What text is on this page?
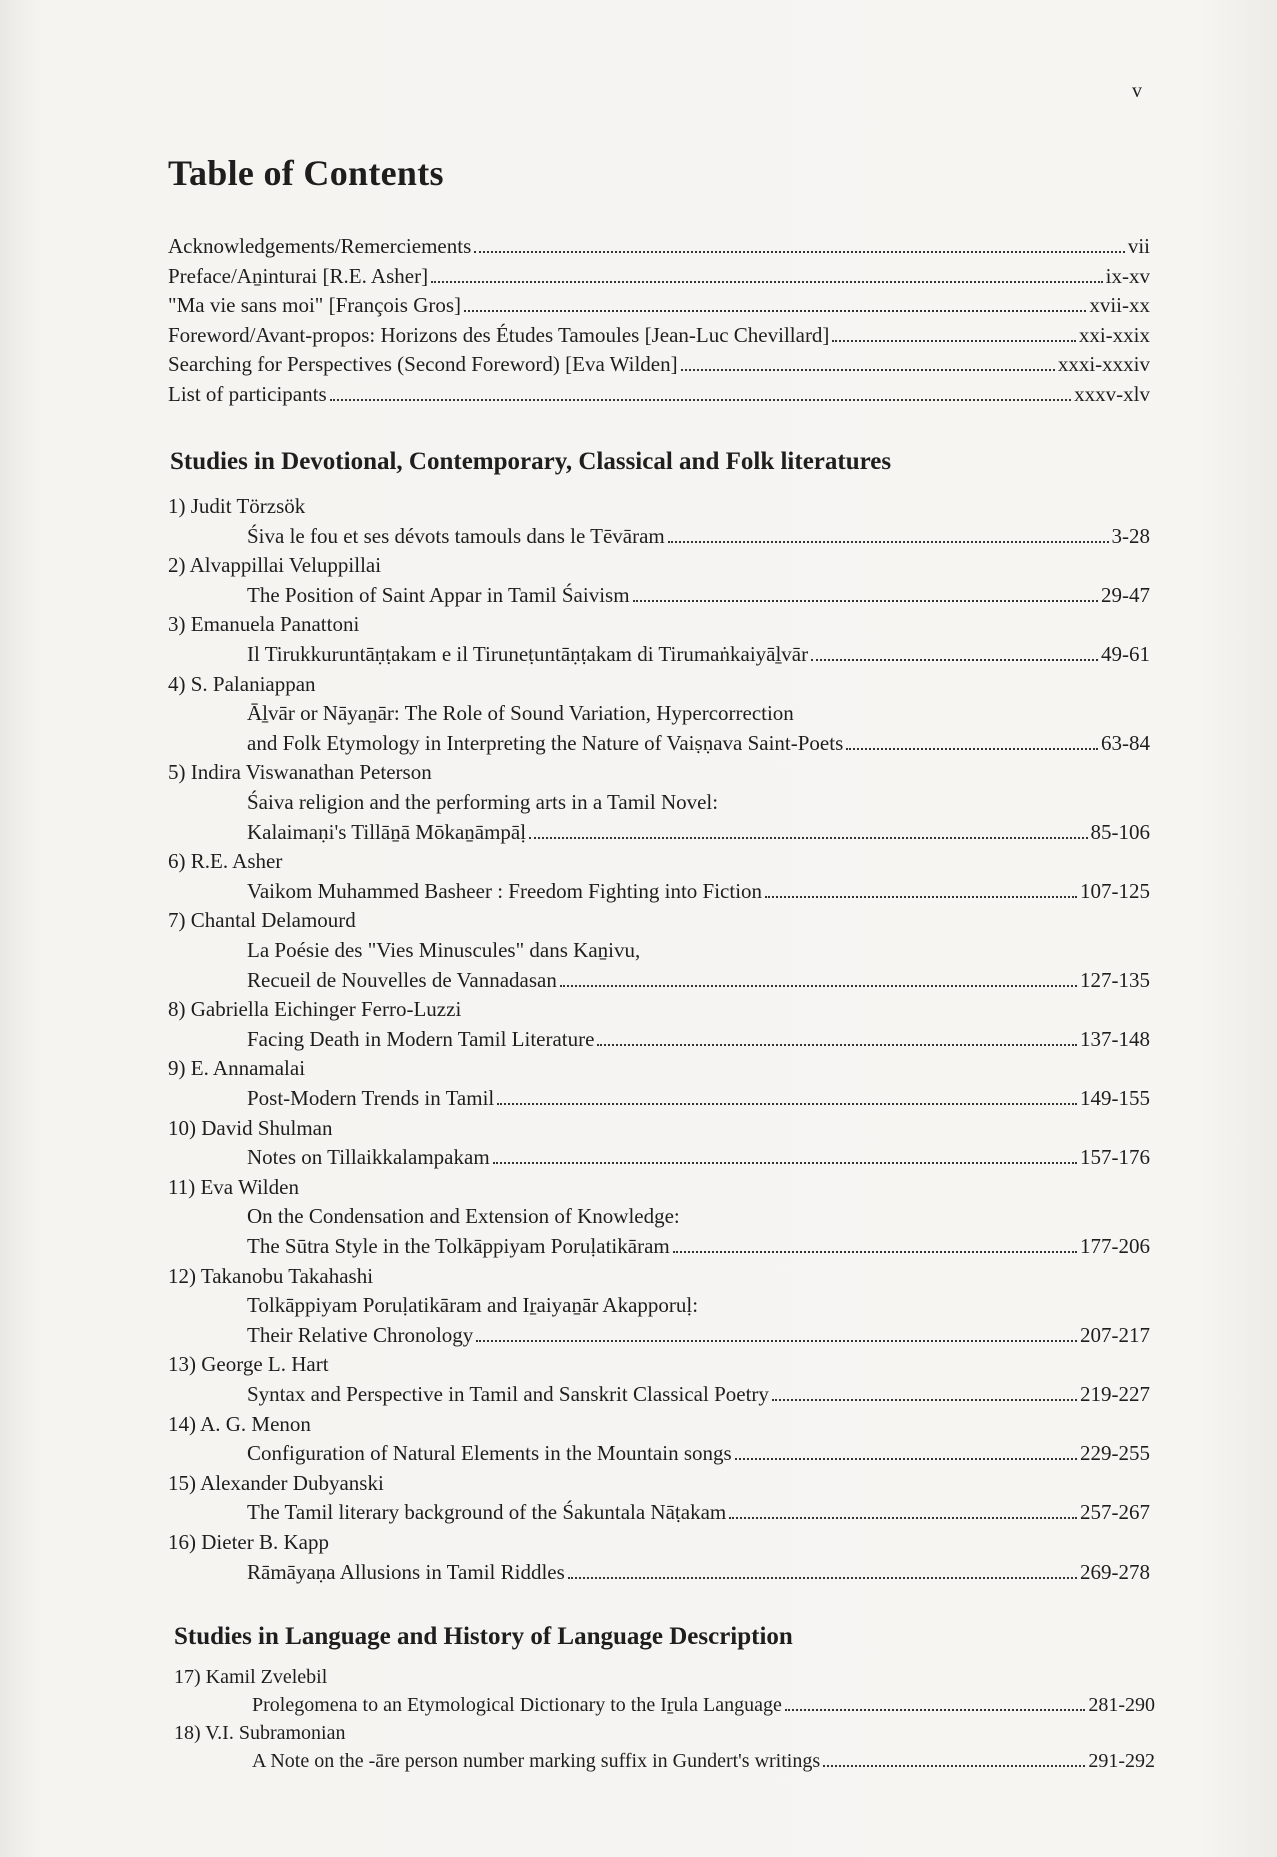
v
Table of Contents
Acknowledgements/Remerciements	vii
Preface/Aṉinturai [R.E. Asher]	ix-xv
"Ma vie sans moi" [François Gros]	xvii-xx
Foreword/Avant-propos: Horizons des Études Tamoules [Jean-Luc Chevillard]	xxi-xxix
Searching for Perspectives (Second Foreword) [Eva Wilden]	xxxi-xxxiv
List of participants	xxxv-xlv
Studies in Devotional, Contemporary, Classical and Folk literatures
1) Judit Törzsök
Śiva le fou et ses dévots tamouls dans le Tēvāram	3-28
2) Alvappillai Veluppillai
The Position of Saint Appar in Tamil Śaivism	29-47
3) Emanuela Panattoni
Il Tirukkuruntāṇṭakam e il Tiruneṭuntāṇṭakam di Tirumaṅkaiyāḻvār	49-61
4) S. Palaniappan
Āḻvār or Nāyaṉār: The Role of Sound Variation, Hypercorrection
and Folk Etymology in Interpreting the Nature of Vaiṣṇava Saint-Poets	63-84
5) Indira Viswanathan Peterson
Śaiva religion and the performing arts in a Tamil Novel:
Kalaimaṇi's Tillāṉā Mōkaṉāmpāḷ	85-106
6) R.E. Asher
Vaikom Muhammed Basheer : Freedom Fighting into Fiction	107-125
7) Chantal Delamourd
La Poésie des "Vies Minuscules" dans Kaṉivu,
Recueil de Nouvelles de Vannadasan	127-135
8) Gabriella Eichinger Ferro-Luzzi
Facing Death in Modern Tamil Literature	137-148
9) E. Annamalai
Post-Modern Trends in Tamil	149-155
10) David Shulman
Notes on Tillaikkalampakam	157-176
11) Eva Wilden
On the Condensation and Extension of Knowledge:
The Sūtra Style in the Tolkāppiyam Poruḷatikāram	177-206
12) Takanobu Takahashi
Tolkāppiyam Poruḷatikāram and Iṟaiyaṉār Akapporuḷ:
Their Relative Chronology	207-217
13) George L. Hart
Syntax and Perspective in Tamil and Sanskrit Classical Poetry	219-227
14) A. G. Menon
Configuration of Natural Elements in the Mountain songs	229-255
15) Alexander Dubyanski
The Tamil literary background of the Śakuntala Nāṭakam	257-267
16) Dieter B. Kapp
Rāmāyaṇa Allusions in Tamil Riddles	269-278
Studies in Language and History of Language Description
17) Kamil Zvelebil
Prolegomena to an Etymological Dictionary to the Iṟula Language	281-290
18) V.I. Subramonian
A Note on the -āre person number marking suffix in Gundert's writings	291-292
